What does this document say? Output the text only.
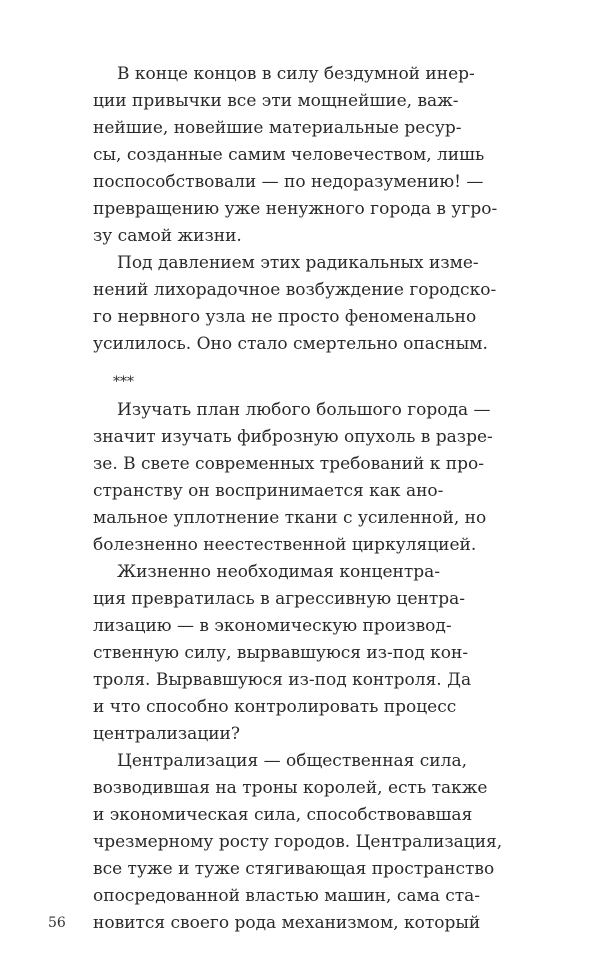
В конце концов в силу бездумной инер-
ции привычки все эти мощнейшие, важ-
нейшие, новейшие материальные ресур-
сы, созданные самим человечеством, лишь
поспособствовали — по недоразумению! —
превращению уже ненужного города в угро-
зу самой жизни.
Под давлением этих радикальных изме-
нений лихорадочное возбуждение городско-
го нервного узла не просто феноменально
усилилось. Оно стало смертельно опасным.
***
Изучать план любого большого города —
значит изучать фиброзную опухоль в разре-
зе. В свете современных требований к про-
странству он воспринимается как ано-
мальное уплотнение ткани с усиленной, но
болезненно неестественной циркуляцией.
Жизненно необходимая концентра-
ция превратилась в агрессивную центра-
лизацию — в экономическую производ-
ственную силу, вырвавшуюся из-под кон-
троля. Вырвавшуюся из-под контроля. Да
и что способно контролировать процесс
централизации?
Централизация — общественная сила,
возводившая на троны королей, есть также
и экономическая сила, способствовавшая
чрезмерному росту городов. Централизация,
все туже и туже стягивающая пространство
опосредованной властью машин, сама ста-
новится своего рода механизмом, который
56
